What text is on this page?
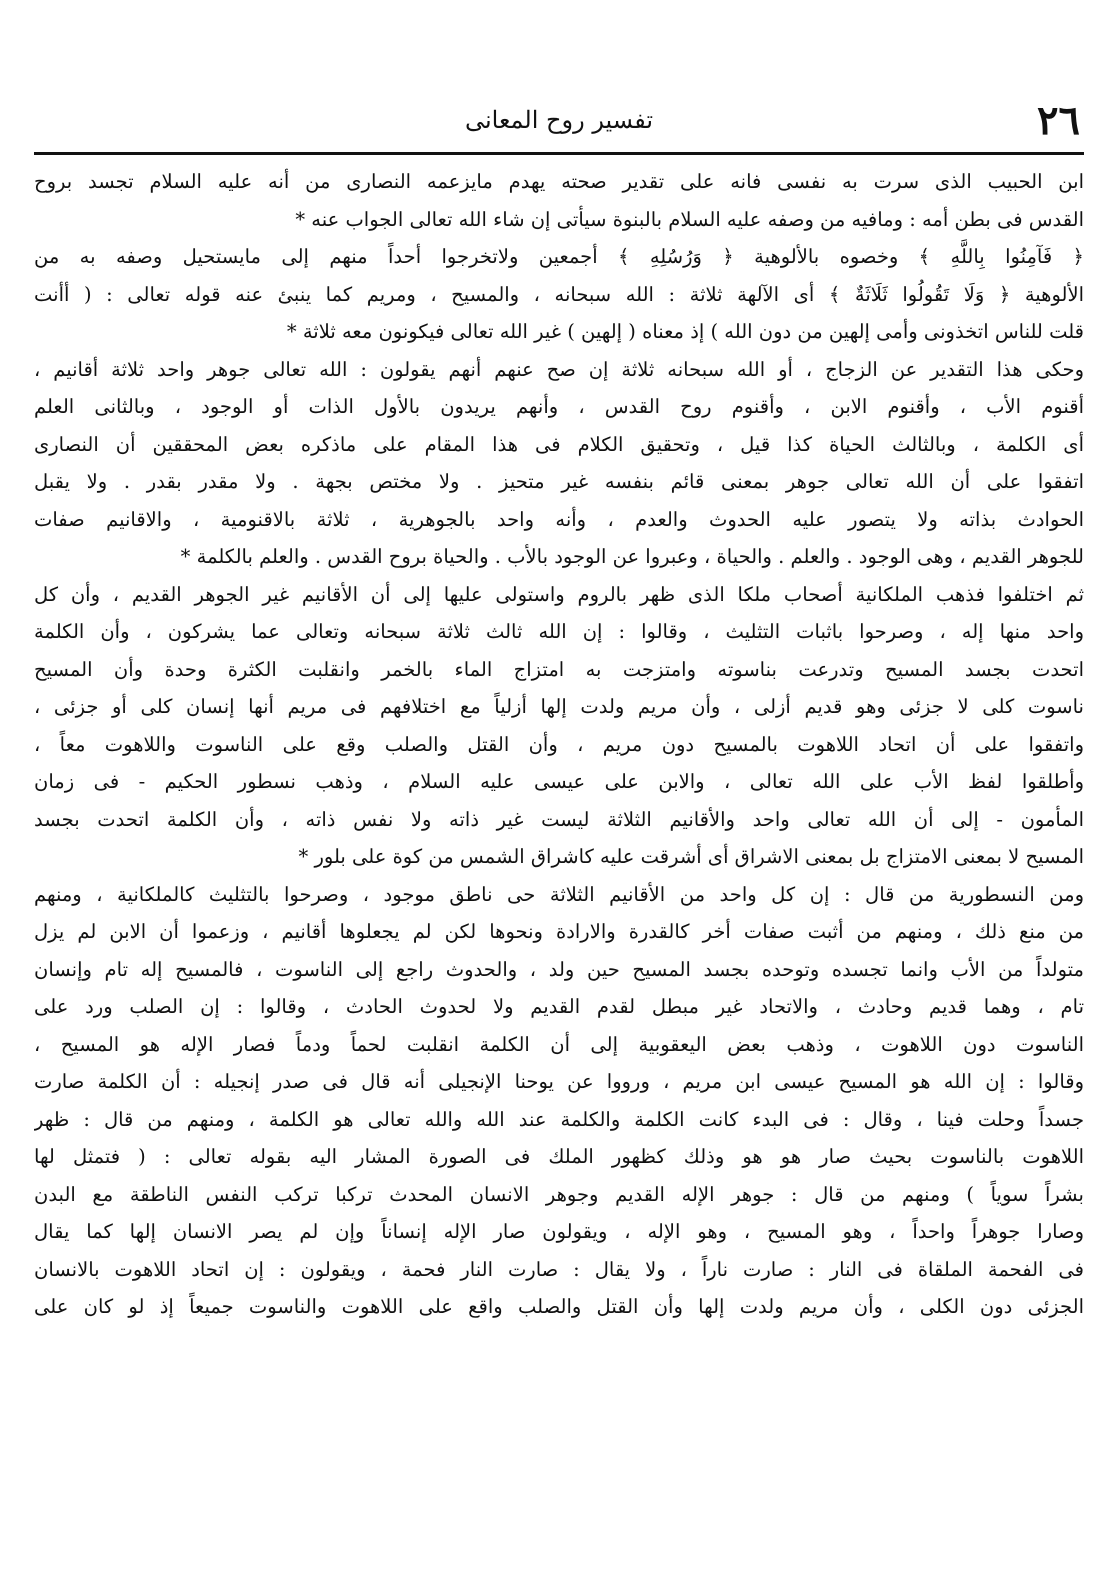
٢٦
تفسير روح المعانى
ابن الحبيب الذى سرت به نفسى فانه على تقدير صحته يهدم مايزعمه النصارى من أنه عليه السلام تجسد بروح
القدس فى بطن أمه : ومافيه من وصفه عليه السلام بالبنوة سيأتى إن شاء الله تعالى الجواب عنه *
﴿ فَآمِنُوا بِاللَّهِ ﴾ وخصوه بالألوهية ﴿ وَرُسُلِهِ ﴾ أجمعين ولاتخرجوا أحداً منهم إلى مايستحيل وصفه به من
الألوهية ﴿ وَلَا تَقُولُوا ثَلَاثَةٌ ﴾ أى الآلهة ثلاثة : الله سبحانه ، والمسيح ، ومريم كما ينبئ عنه قوله تعالى : ( أأنت
قلت للناس اتخذونى وأمى إلهين من دون الله ) إذ معناه ( إلهين ) غير الله تعالى فيكونون معه ثلاثة *
وحكى هذا التقدير عن الزجاج ، أو الله سبحانه ثلاثة إن صح عنهم أنهم يقولون : الله تعالى جوهر واحد ثلاثة أقانيم ،
أقنوم الأب ، وأقنوم الابن ، وأقنوم روح القدس ، وأنهم يريدون بالأول الذات أو الوجود ، وبالثانى العلم
أى الكلمة ، وبالثالث الحياة كذا قيل ، وتحقيق الكلام فى هذا المقام على ماذكره بعض المحققين أن النصارى
اتفقوا على أن الله تعالى جوهر بمعنى قائم بنفسه غير متحيز . ولا مختص بجهة . ولا مقدر بقدر . ولا يقبل
الحوادث بذاته ولا يتصور عليه الحدوث والعدم ، وأنه واحد بالجوهرية ، ثلاثة بالاقنومية ، والاقانيم صفات
للجوهر القديم ، وهى الوجود . والعلم . والحياة ، وعبروا عن الوجود بالأب . والحياة بروح القدس . والعلم بالكلمة *
ثم اختلفوا فذهب الملكانية أصحاب ملكا الذى ظهر بالروم واستولى عليها إلى أن الأقانيم غير الجوهر القديم ، وأن كل
واحد منها إله ، وصرحوا باثبات التثليث ، وقالوا : إن الله ثالث ثلاثة سبحانه وتعالى عما يشركون ، وأن الكلمة
اتحدت بجسد المسيح وتدرعت بناسوته وامتزجت به امتزاج الماء بالخمر وانقلبت الكثرة وحدة وأن المسيح
ناسوت كلى لا جزئى وهو قديم أزلى ، وأن مريم ولدت إلها أزلياً مع اختلافهم فى مريم أنها إنسان كلى أو جزئى ،
واتفقوا على أن اتحاد اللاهوت بالمسيح دون مريم ، وأن القتل والصلب وقع على الناسوت واللاهوت معاً ،
وأطلقوا لفظ الأب على الله تعالى ، والابن على عيسى عليه السلام ، وذهب نسطور الحكيم - فى زمان
المأمون - إلى أن الله تعالى واحد والأقانيم الثلاثة ليست غير ذاته ولا نفس ذاته ، وأن الكلمة اتحدت بجسد
المسيح لا بمعنى الامتزاج بل بمعنى الاشراق أى أشرقت عليه كاشراق الشمس من كوة على بلور *
ومن النسطورية من قال : إن كل واحد من الأقانيم الثلاثة حى ناطق موجود ، وصرحوا بالتثليث كالملكانية ، ومنهم
من منع ذلك ، ومنهم من أثبت صفات أخر كالقدرة والارادة ونحوها لكن لم يجعلوها أقانيم ، وزعموا أن الابن لم يزل
متولداً من الأب وانما تجسده وتوحده بجسد المسيح حين ولد ، والحدوث راجع إلى الناسوت ، فالمسيح إله تام وإنسان
تام ، وهما قديم وحادث ، والاتحاد غير مبطل لقدم القديم ولا لحدوث الحادث ، وقالوا : إن الصلب ورد على
الناسوت دون اللاهوت ، وذهب بعض اليعقوبية إلى أن الكلمة انقلبت لحماً ودماً فصار الإله هو المسيح ،
وقالوا : إن الله هو المسيح عيسى ابن مريم ، ورووا عن يوحنا الإنجيلى أنه قال فى صدر إنجيله : أن الكلمة صارت
جسداً وحلت فينا ، وقال : فى البدء كانت الكلمة والكلمة عند الله والله تعالى هو الكلمة ، ومنهم من قال : ظهر
اللاهوت بالناسوت بحيث صار هو هو وذلك كظهور الملك فى الصورة المشار اليه بقوله تعالى : ( فتمثل لها
بشراً سوياً ) ومنهم من قال : جوهر الإله القديم وجوهر الانسان المحدث تركبا تركب النفس الناطقة مع البدن
وصارا جوهراً واحداً ، وهو المسيح ، وهو الإله ، ويقولون صار الإله إنساناً وإن لم يصر الانسان إلها كما يقال
فى الفحمة الملقاة فى النار : صارت ناراً ، ولا يقال : صارت النار فحمة ، ويقولون : إن اتحاد اللاهوت بالانسان
الجزئى دون الكلى ، وأن مريم ولدت إلها وأن القتل والصلب واقع على اللاهوت والناسوت جميعاً إذ لو كان على
